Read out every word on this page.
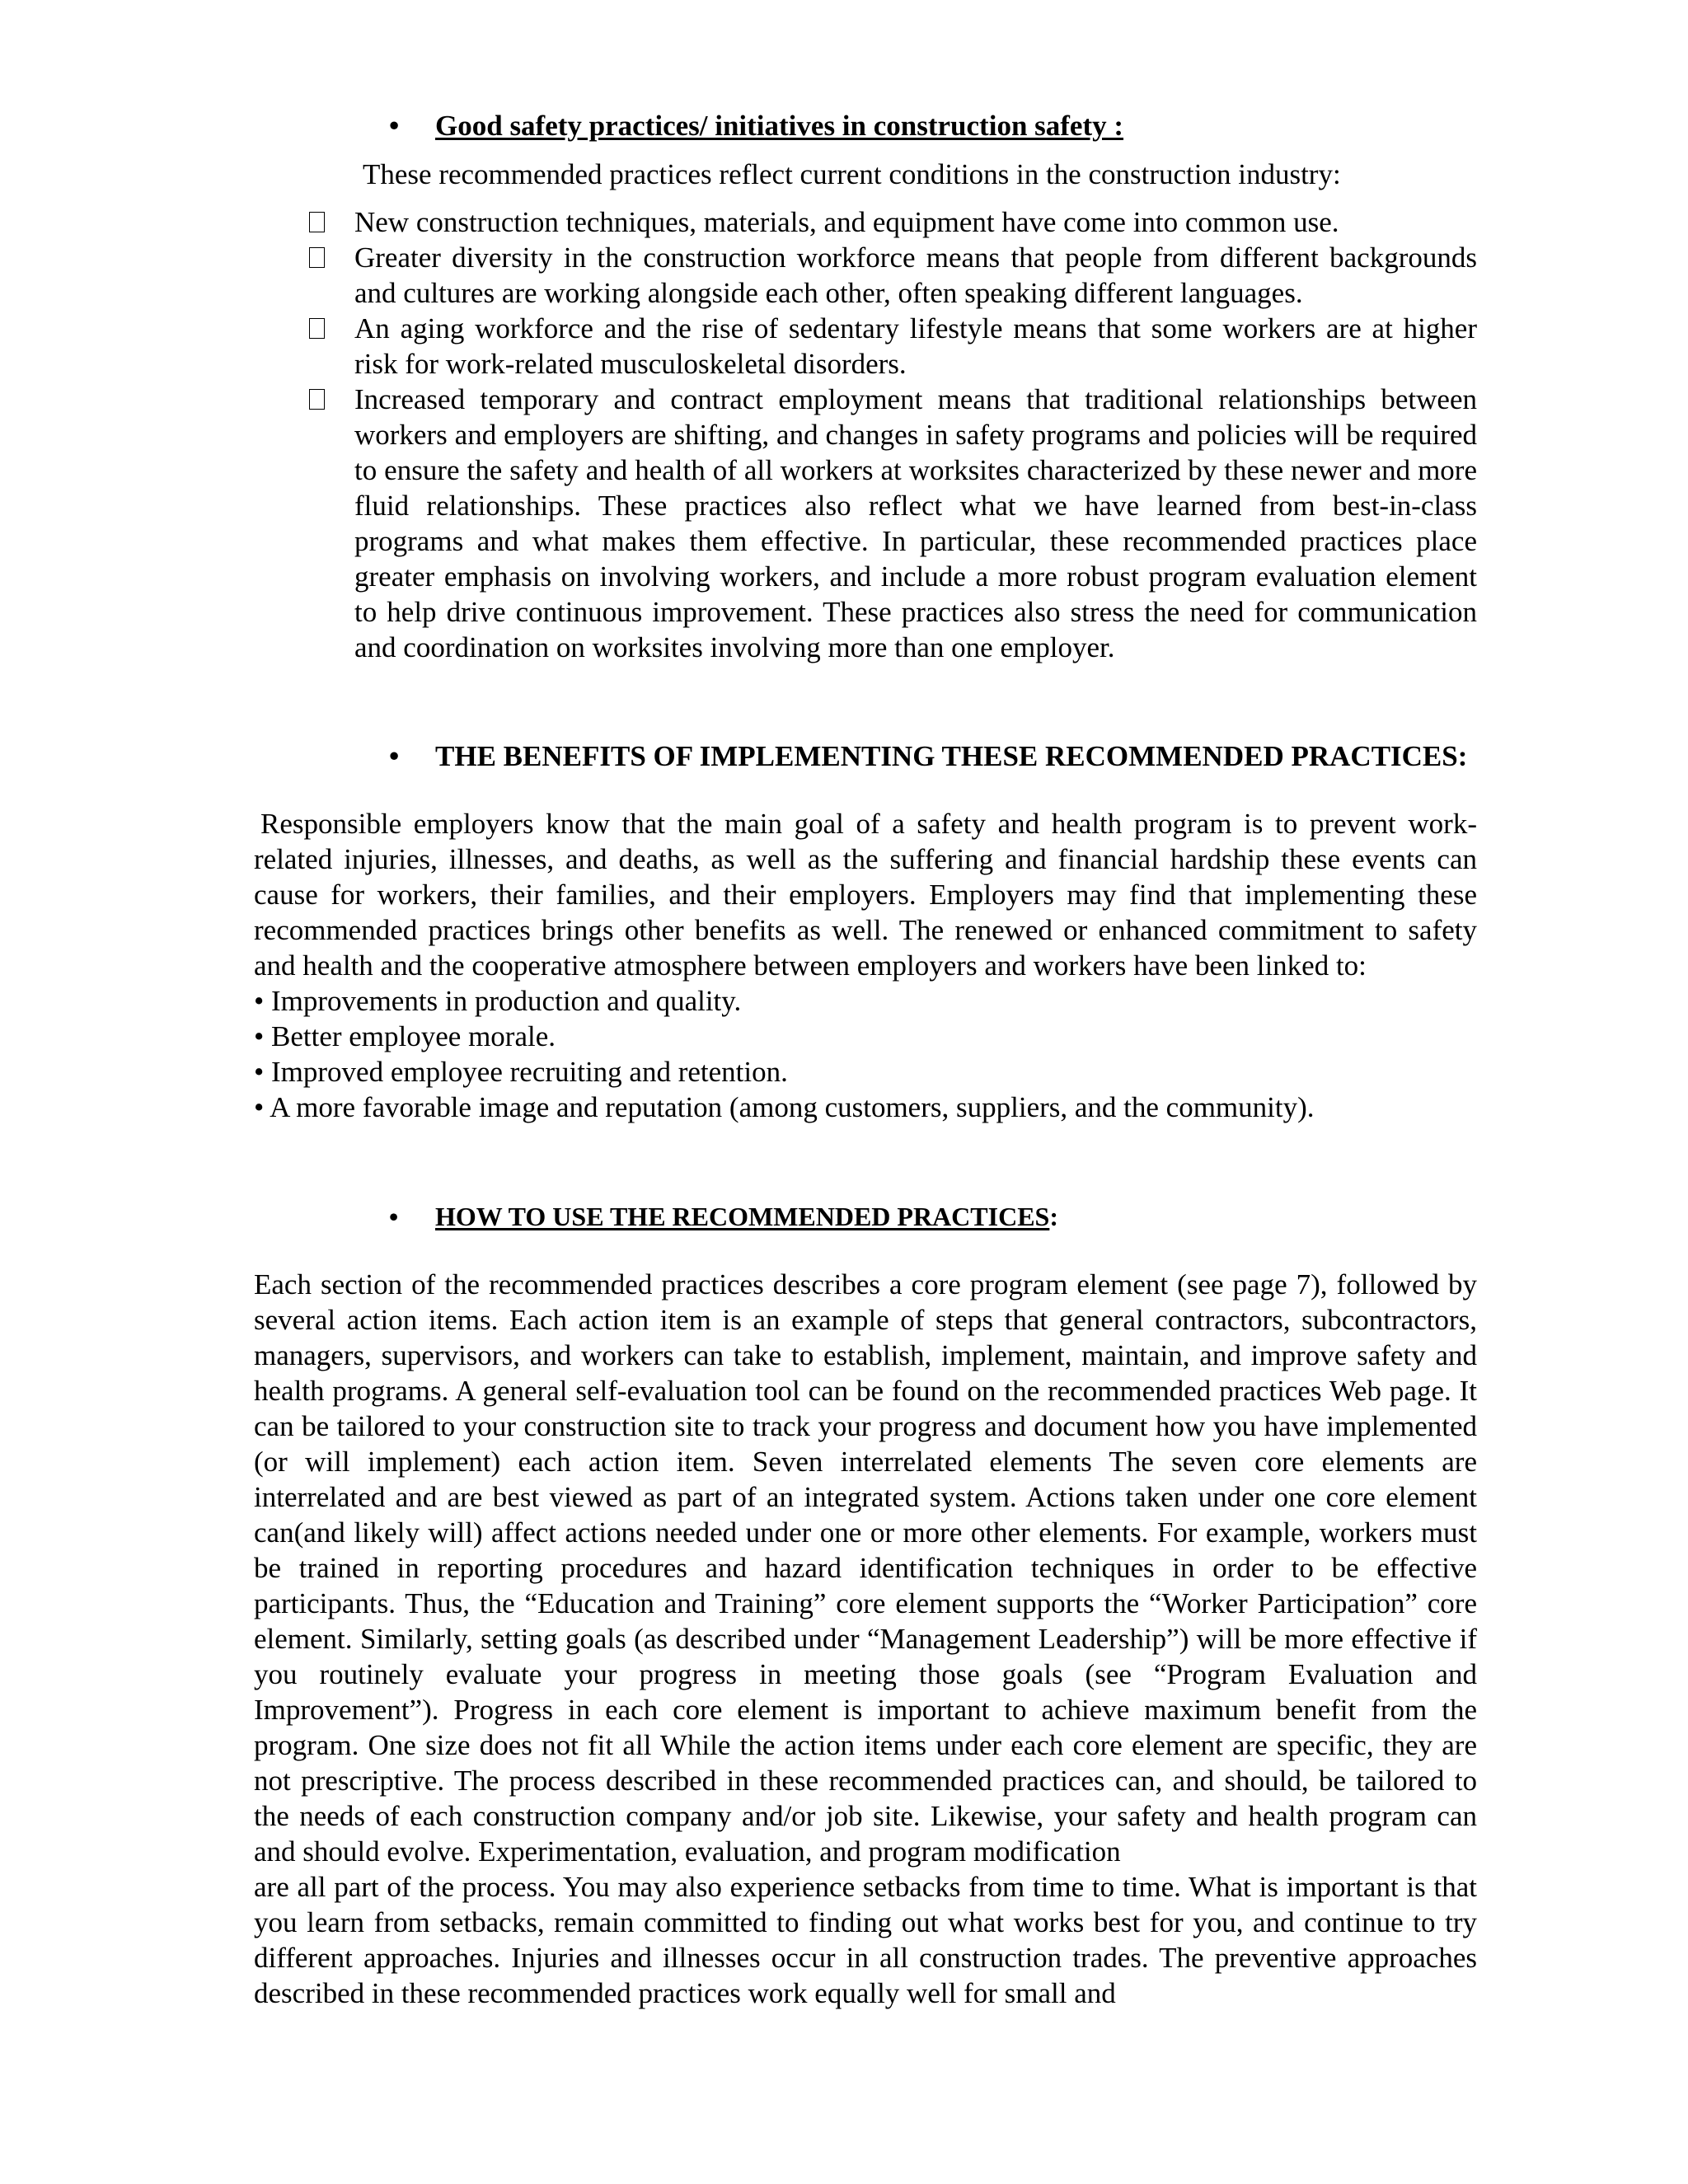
• Good safety practices/ initiatives in construction safety :
These recommended practices reflect current conditions in the construction industry:
New construction techniques, materials, and equipment have come into common use.
Greater diversity in the construction workforce means that people from different backgrounds and cultures are working alongside each other, often speaking different languages.
An aging workforce and the rise of sedentary lifestyle means that some workers are at higher risk for work-related musculoskeletal disorders.
Increased temporary and contract employment means that traditional relationships between workers and employers are shifting, and changes in safety programs and policies will be required to ensure the safety and health of all workers at worksites characterized by these newer and more fluid relationships. These practices also reflect what we have learned from best-in-class programs and what makes them effective. In particular, these recommended practices place greater emphasis on involving workers, and include a more robust program evaluation element to help drive continuous improvement. These practices also stress the need for communication and coordination on worksites involving more than one employer.
• THE BENEFITS OF IMPLEMENTING THESE RECOMMENDED PRACTICES:

Responsible employers know that the main goal of a safety and health program is to prevent work-related injuries, illnesses, and deaths, as well as the suffering and financial hardship these events can cause for workers, their families, and their employers. Employers may find that implementing these recommended practices brings other benefits as well. The renewed or enhanced commitment to safety and health and the cooperative atmosphere between employers and workers have been linked to:

• Improvements in production and quality.
• Better employee morale.
• Improved employee recruiting and retention.
• A more favorable image and reputation (among customers, suppliers, and the community).
• HOW TO USE THE RECOMMENDED PRACTICES:

Each section of the recommended practices describes a core program element (see page 7), followed by several action items. Each action item is an example of steps that general contractors, subcontractors, managers, supervisors, and workers can take to establish, implement, maintain, and improve safety and health programs. A general self-evaluation tool can be found on the recommended practices Web page. It can be tailored to your construction site to track your progress and document how you have implemented (or will implement) each action item. Seven interrelated elements The seven core elements are interrelated and are best viewed as part of an integrated system. Actions taken under one core element can(and likely will) affect actions needed under one or more other elements. For example, workers must be trained in reporting procedures and hazard identification techniques in order to be effective participants. Thus, the “Education and Training” core element supports the “Worker Participation” core element. Similarly, setting goals (as described under “Management Leadership”) will be more effective if you routinely evaluate your progress in meeting those goals (see “Program Evaluation and Improvement”). Progress in each core element is important to achieve maximum benefit from the program. One size does not fit all While the action items under each core element are specific, they are not prescriptive. The process described in these recommended practices can, and should, be tailored to the needs of each construction company and/or job site. Likewise, your safety and health program can and should evolve. Experimentation, evaluation, and program modification

are all part of the process. You may also experience setbacks from time to time. What is important is that you learn from setbacks, remain committed to finding out what works best for you, and continue to try different approaches. Injuries and illnesses occur in all construction trades. The preventive approaches described in these recommended practices work equally well for small and
